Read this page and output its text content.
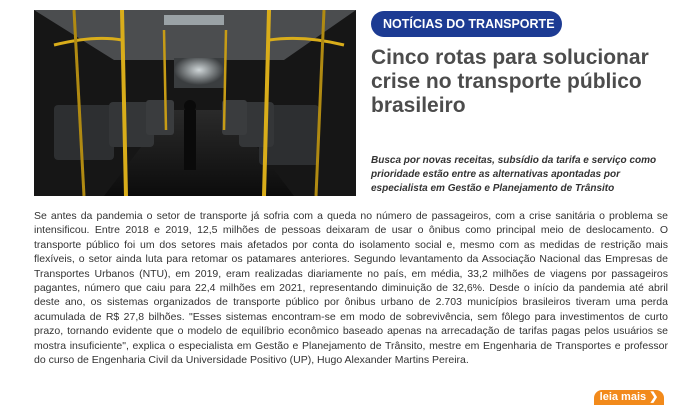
NOTÍCIAS DO TRANSPORTE
Cinco rotas para solucionar crise no transporte público brasileiro

Busca por novas receitas, subsídio da tarifa e serviço como prioridade estão entre as alternativas apontadas por especialista em Gestão e Planejamento de Trânsito

Se antes da pandemia o setor de transporte já sofria com a queda no número de passageiros, com a crise sanitária o problema se intensificou. Entre 2018 e 2019, 12,5 milhões de pessoas deixaram de usar o ônibus como principal meio de deslocamento. O transporte público foi um dos setores mais afetados por conta do isolamento social e, mesmo com as medidas de restrição mais flexíveis, o setor ainda luta para retomar os patamares anteriores. Segundo levantamento da Associação Nacional das Empresas de Transportes Urbanos (NTU), em 2019, eram realizadas diariamente no país, em média, 33,2 milhões de viagens por passageiros pagantes, número que caiu para 22,4 milhões em 2021, representando diminuição de 32,6%. Desde o início da pandemia até abril deste ano, os sistemas organizados de transporte público por ônibus urbano de 2.703 municípios brasileiros tiveram uma perda acumulada de R$ 27,8 bilhões. "Esses sistemas encontram-se em modo de sobrevivência, sem fôlego para investimentos de curto prazo, tornando evidente que o modelo de equilíbrio econômico baseado apenas na arrecadação de tarifas pagas pelos usuários se mostra insuficiente", explica o especialista em Gestão e Planejamento de Trânsito, mestre em Engenharia de Transportes e professor do curso de Engenharia Civil da Universidade Positivo (UP), Hugo Alexander Martins Pereira.

leia mais ❯
